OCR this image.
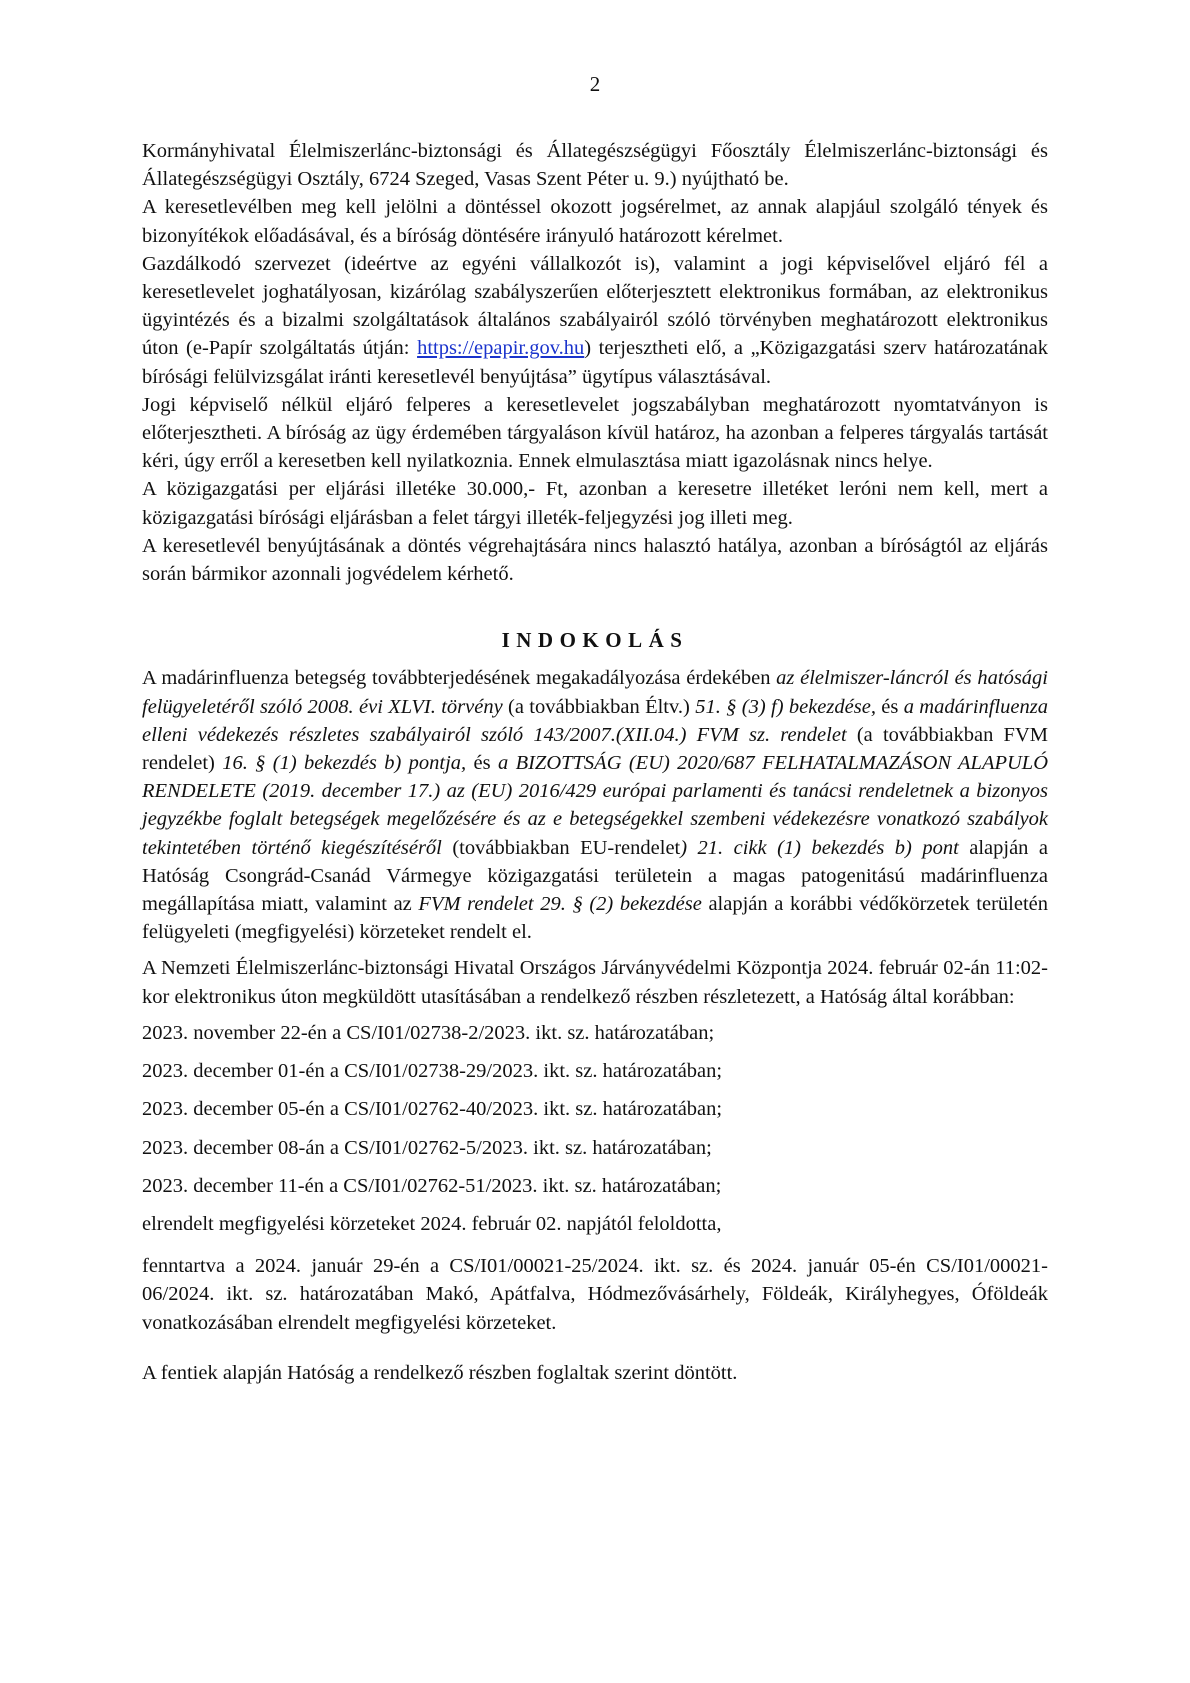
2

Kormányhivatal Élelmiszerlánc-biztonsági és Állategészségügyi Főosztály Élelmiszerlánc-biztonsági és Állategészségügyi Osztály, 6724 Szeged, Vasas Szent Péter u. 9.) nyújtható be.

A keresetlevélben meg kell jelölni a döntéssel okozott jogsérelmet, az annak alapjául szolgáló tények és bizonyítékok előadásával, és a bíróság döntésére irányuló határozott kérelmet.

Gazdálkodó szervezet (ideértve az egyéni vállalkozót is), valamint a jogi képviselővel eljáró fél a keresetlevelet joghatályosan, kizárólag szabályszerűen előterjesztett elektronikus formában, az elektronikus ügyintézés és a bizalmi szolgáltatások általános szabályairól szóló törvényben meghatározott elektronikus úton (e-Papír szolgáltatás útján: https://epapir.gov.hu) terjesztheti elő, a „Közigazgatási szerv határozatának bírósági felülvizsgálat iránti keresetlevél benyújtása” ügytípus választásával.

Jogi képviselő nélkül eljáró felperes a keresetlevelet jogszabályban meghatározott nyomtatványon is előterjesztheti. A bíróság az ügy érdemében tárgyaláson kívül határoz, ha azonban a felperes tárgyalás tartását kéri, úgy erről a keresetben kell nyilatkoznia. Ennek elmulasztása miatt igazolásnak nincs helye.

A közigazgatási per eljárási illetéke 30.000,- Ft, azonban a keresetre illetéket leróni nem kell, mert a közigazgatási bírósági eljárásban a felet tárgyi illeték-feljegyzési jog illeti meg.

A keresetlevél benyújtásának a döntés végrehajtására nincs halasztó hatálya, azonban a bíróságtól az eljárás során bármikor azonnali jogvédelem kérhető.

INDOKOLÁS

A madárinfluenza betegség továbbterjedésének megakadályozása érdekében az élelmiszer-láncról és hatósági felügyeletéről szóló 2008. évi XLVI. törvény (a továbbiakban Éltv.) 51. § (3) f) bekezdése, és a madárinfluenza elleni védekezés részletes szabályairól szóló 143/2007.(XII.04.) FVM sz. rendelet (a továbbiakban FVM rendelet) 16. § (1) bekezdés b) pontja, és a BIZOTTSÁG (EU) 2020/687 FELHATALMAZÁSON ALAPULÓ RENDELETE (2019. december 17.) az (EU) 2016/429 európai parlamenti és tanácsi rendeletnek a bizonyos jegyzékbe foglalt betegségek megelőzésére és az e betegségekkel szembeni védekezésre vonatkozó szabályok tekintetében történő kiegészítéséről (továbbiakban EU-rendelet) 21. cikk (1) bekezdés b) pont alapján a Hatóság Csongrád-Csanád Vármegye közigazgatási területein a magas patogenitású madárinfluenza megállapítása miatt, valamint az FVM rendelet 29. § (2) bekezdése alapján a korábbi védőkörzetek területén felügyeleti (megfigyelési) körzeteket rendelt el.

A Nemzeti Élelmiszerlánc-biztonsági Hivatal Országos Járványvédelmi Központja 2024. február 02-án 11:02-kor elektronikus úton megküldött utasításában a rendelkező részben részletezett, a Hatóság által korábban:

2023. november 22-én a CS/I01/02738-2/2023. ikt. sz. határozatában;
2023. december 01-én a CS/I01/02738-29/2023. ikt. sz. határozatában;
2023. december 05-én a CS/I01/02762-40/2023. ikt. sz. határozatában;
2023. december 08-án a CS/I01/02762-5/2023. ikt. sz. határozatában;
2023. december 11-én a CS/I01/02762-51/2023. ikt. sz. határozatában;
elrendelt megfigyelési körzeteket 2024. február 02. napjától feloldotta,

fenntartva a 2024. január 29-én a CS/I01/00021-25/2024. ikt. sz. és 2024. január 05-én CS/I01/00021-06/2024. ikt. sz. határozatában Makó, Apátfalva, Hódmezővásárhely, Földeák, Királyhegyes, Óföldeák vonatkozásában elrendelt megfigyelési körzeteket.

A fentiek alapján Hatóság a rendelkező részben foglaltak szerint döntött.
